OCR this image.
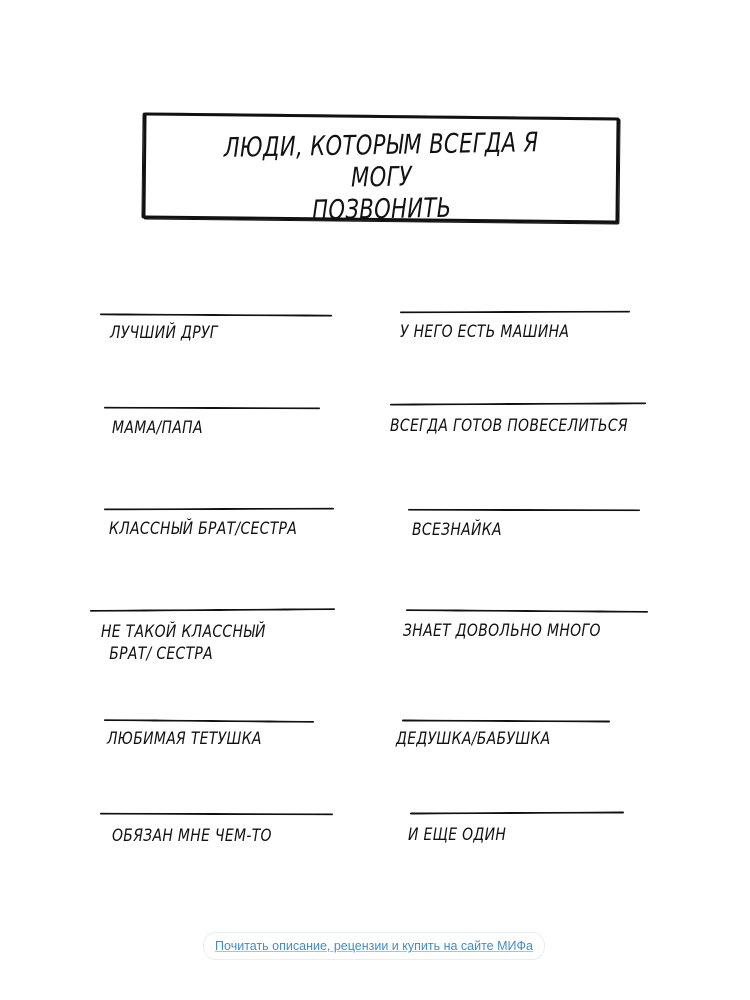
ЛЮДИ, КОТОРЫМ ВСЕГДА Я МОГУ
ПОЗВОНИТЬ
ЛУЧШИЙ ДРУГ
МАМА/ПАПА
КЛАССНЫЙ БРАТ/СЕСТРА
НЕ ТАКОЙ КЛАССНЫЙ
БРАТ/ СЕСТРА
ЛЮБИМАЯ ТЕТУШКА
ОБЯЗАН МНЕ ЧЕМ-ТО
У НЕГО ЕСТЬ МАШИНА
ВСЕГДА ГОТОВ ПОВЕСЕЛИТЬСЯ
ВСЕЗНАЙКА
ЗНАЕТ ДОВОЛЬНО МНОГО
ДЕДУШКА/БАБУШКА
И ЕЩЕ ОДИН
Почитать описание, рецензии и купить на сайте МИФа
